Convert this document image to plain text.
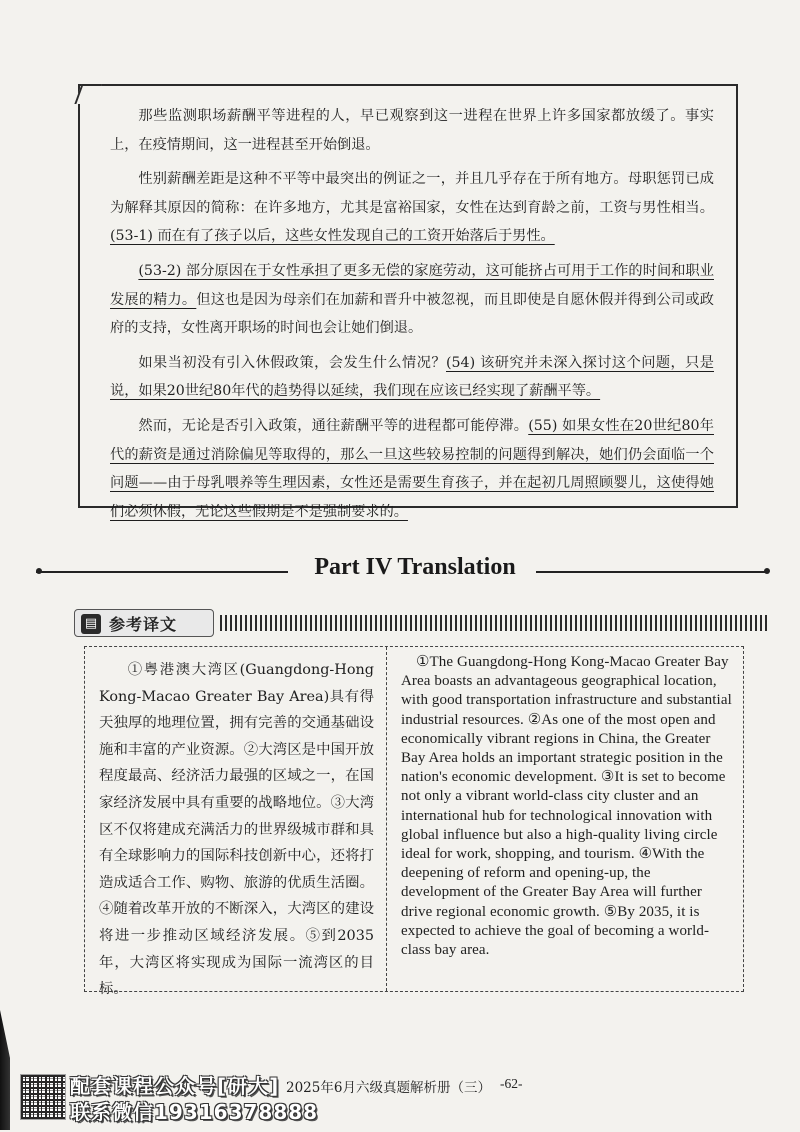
那些监测职场薪酬平等进程的人，早已观察到这一进程在世界上许多国家都放缓了。事实上，在疫情期间，这一进程甚至开始倒退。

性别薪酬差距是这种不平等中最突出的例证之一，并且几乎存在于所有地方。母职惩罚已成为解释其原因的简称：在许多地方，尤其是富裕国家，女性在达到育龄之前，工资与男性相当。(53-1) 而在有了孩子以后，这些女性发现自己的工资开始落后于男性。

(53-2) 部分原因在于女性承担了更多无偿的家庭劳动，这可能挤占可用于工作的时间和职业发展的精力。但这也是因为母亲们在加薪和晋升中被忽视，而且即使是自愿休假并得到公司或政府的支持，女性离开职场的时间也会让她们倒退。

如果当初没有引入休假政策，会发生什么情况？(54) 该研究并未深入探讨这个问题，只是说，如果20世纪80年代的趋势得以延续，我们现在应该已经实现了薪酬平等。

然而，无论是否引入政策，通往薪酬平等的进程都可能停滞。(55) 如果女性在20世纪80年代的薪资是通过消除偏见等取得的，那么一旦这些较易控制的问题得到解决，她们仍会面临一个问题——由于母乳喂养等生理因素，女性还是需要生育孩子，并在起初几周照顾婴儿，这使得她们必须休假，无论这些假期是不是强制要求的。

Part IV Translation
▤ 参考译文

①粤港澳大湾区(Guangdong-Hong Kong-Macao Greater Bay Area)具有得天独厚的地理位置，拥有完善的交通基础设施和丰富的产业资源。②大湾区是中国开放程度最高、经济活力最强的区域之一，在国家经济发展中具有重要的战略地位。③大湾区不仅将建成充满活力的世界级城市群和具有全球影响力的国际科技创新中心，还将打造成适合工作、购物、旅游的优质生活圈。④随着改革开放的不断深入，大湾区的建设将进一步推动区域经济发展。⑤到2035年，大湾区将实现成为国际一流湾区的目标。

①The Guangdong-Hong Kong-Macao Greater Bay Area boasts an advantageous geographical location, with good transportation infrastructure and substantial industrial resources. ②As one of the most open and economically vibrant regions in China, the Greater Bay Area holds an important strategic position in the nation's economic development. ③It is set to become not only a vibrant world-class city cluster and an international hub for technological innovation with global influence but also a high-quality living circle ideal for work, shopping, and tourism. ④With the deepening of reform and opening-up, the development of the Greater Bay Area will further drive regional economic growth. ⑤By 2035, it is expected to achieve the goal of becoming a world-class bay area.

配套课程公众号[研大]
联系微信19316378888
2025年6月六级真题解析册（三） -62-
